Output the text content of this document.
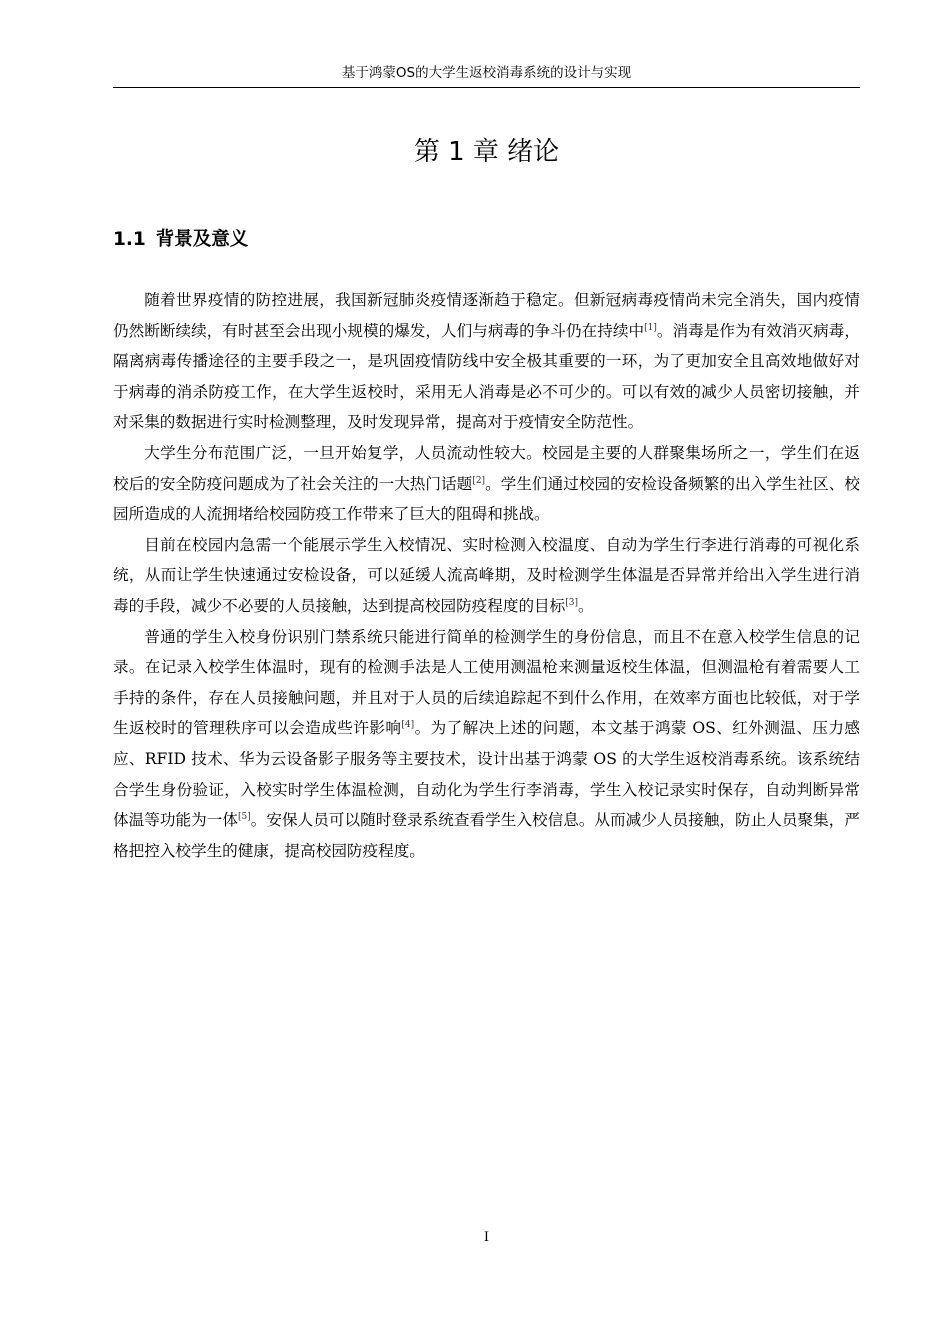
基于鸿蒙OS的大学生返校消毒系统的设计与实现
第 1 章 绪论
1.1 背景及意义

随着世界疫情的防控进展，我国新冠肺炎疫情逐渐趋于稳定。但新冠病毒疫情尚未完全消失，国内疫情仍然断断续续，有时甚至会出现小规模的爆发，人们与病毒的争斗仍在持续中[1]。消毒是作为有效消灭病毒，隔离病毒传播途径的主要手段之一，是巩固疫情防线中安全极其重要的一环，为了更加安全且高效地做好对于病毒的消杀防疫工作，在大学生返校时，采用无人消毒是必不可少的。可以有效的减少人员密切接触，并对采集的数据进行实时检测整理，及时发现异常，提高对于疫情安全防范性。

大学生分布范围广泛，一旦开始复学，人员流动性较大。校园是主要的人群聚集场所之一，学生们在返校后的安全防疫问题成为了社会关注的一大热门话题[2]。学生们通过校园的安检设备频繁的出入学生社区、校园所造成的人流拥堵给校园防疫工作带来了巨大的阻碍和挑战。

目前在校园内急需一个能展示学生入校情况、实时检测入校温度、自动为学生行李进行消毒的可视化系统，从而让学生快速通过安检设备，可以延缓人流高峰期，及时检测学生体温是否异常并给出入学生进行消毒的手段，减少不必要的人员接触，达到提高校园防疫程度的目标[3]。

普通的学生入校身份识别门禁系统只能进行简单的检测学生的身份信息，而且不在意入校学生信息的记录。在记录入校学生体温时，现有的检测手法是人工使用测温枪来测量返校生体温，但测温枪有着需要人工手持的条件，存在人员接触问题，并且对于人员的后续追踪起不到什么作用，在效率方面也比较低，对于学生返校时的管理秩序可以会造成些许影响[4]。为了解决上述的问题，本文基于鸿蒙 OS、红外测温、压力感应、RFID 技术、华为云设备影子服务等主要技术，设计出基于鸿蒙 OS 的大学生返校消毒系统。该系统结合学生身份验证，入校实时学生体温检测，自动化为学生行李消毒，学生入校记录实时保存，自动判断异常体温等功能为一体[5]。安保人员可以随时登录系统查看学生入校信息。从而减少人员接触，防止人员聚集，严格把控入校学生的健康，提高校园防疫程度。

I
